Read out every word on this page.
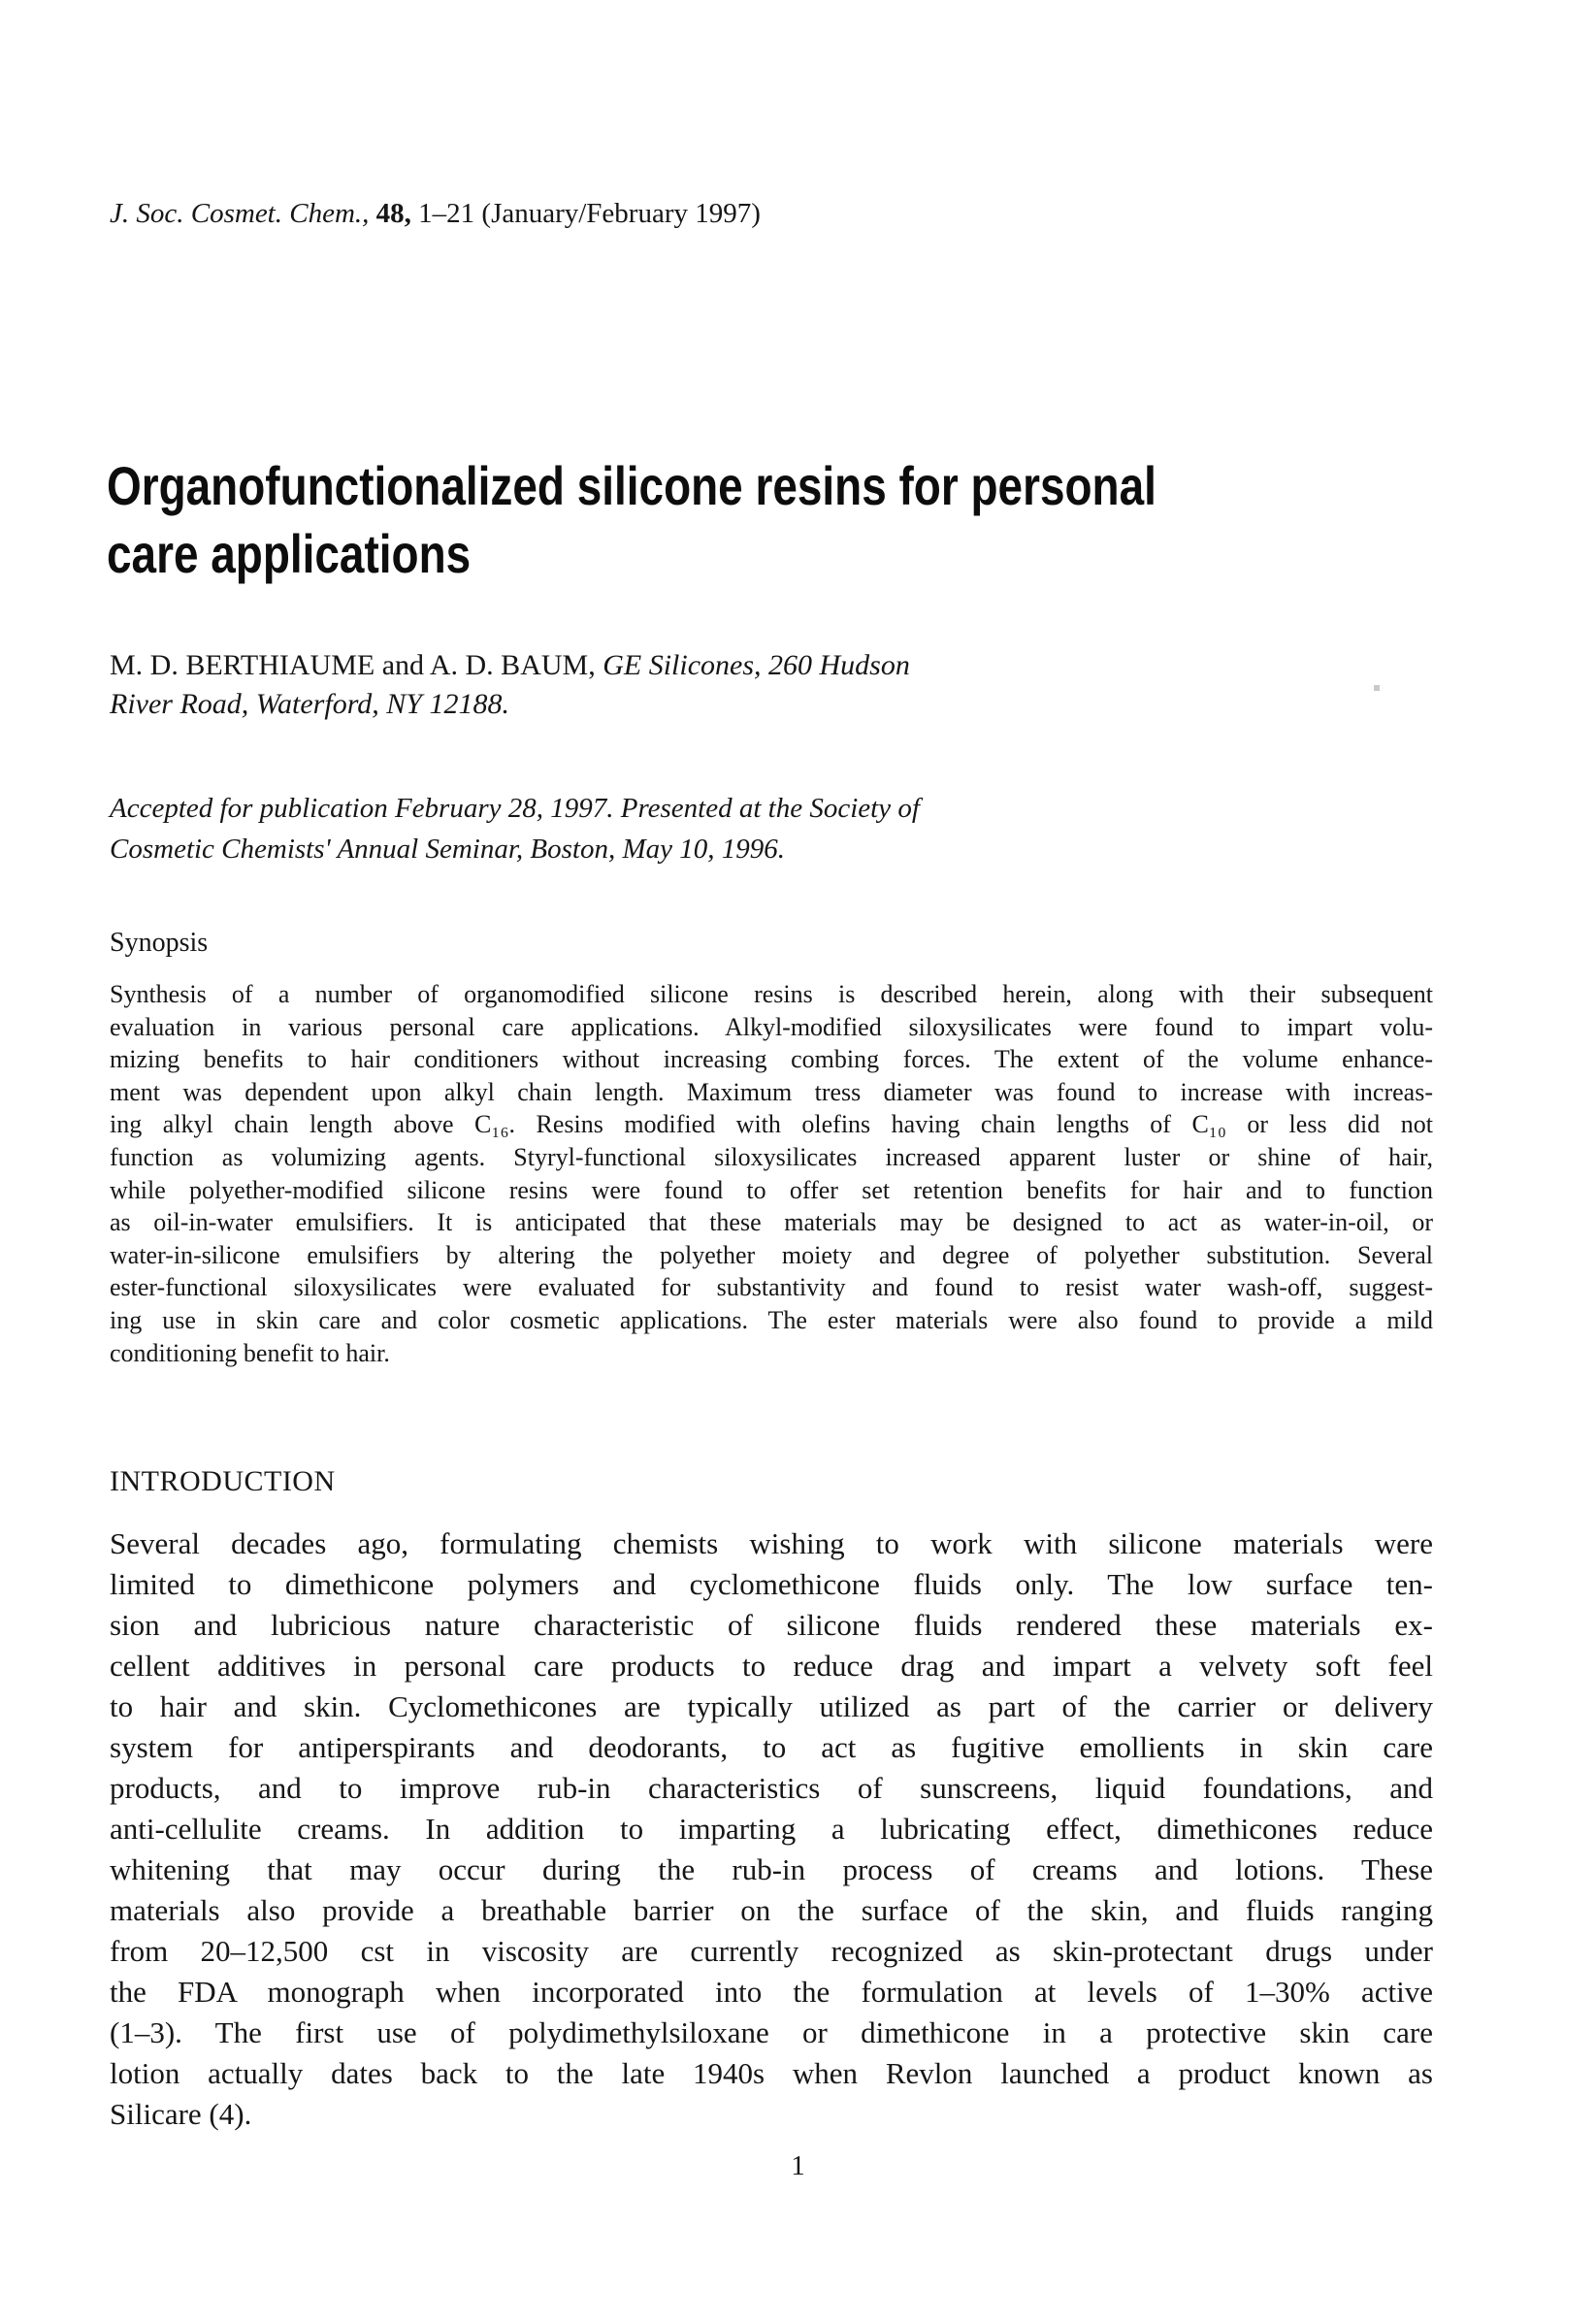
J. Soc. Cosmet. Chem., 48, 1–21 (January/February 1997)
Organofunctionalized silicone resins for personal
care applications
M. D. BERTHIAUME and A. D. BAUM, GE Silicones, 260 Hudson
River Road, Waterford, NY 12188.
Accepted for publication February 28, 1997. Presented at the Society of
Cosmetic Chemists' Annual Seminar, Boston, May 10, 1996.
Synopsis
Synthesis of a number of organomodified silicone resins is described herein, along with their subsequent
evaluation in various personal care applications. Alkyl-modified siloxysilicates were found to impart volu-
mizing benefits to hair conditioners without increasing combing forces. The extent of the volume enhance-
ment was dependent upon alkyl chain length. Maximum tress diameter was found to increase with increas-
ing alkyl chain length above C₁₆. Resins modified with olefins having chain lengths of C₁₀ or less did not
function as volumizing agents. Styryl-functional siloxysilicates increased apparent luster or shine of hair,
while polyether-modified silicone resins were found to offer set retention benefits for hair and to function
as oil-in-water emulsifiers. It is anticipated that these materials may be designed to act as water-in-oil, or
water-in-silicone emulsifiers by altering the polyether moiety and degree of polyether substitution. Several
ester-functional siloxysilicates were evaluated for substantivity and found to resist water wash-off, suggest-
ing use in skin care and color cosmetic applications. The ester materials were also found to provide a mild
conditioning benefit to hair.
INTRODUCTION
Several decades ago, formulating chemists wishing to work with silicone materials were
limited to dimethicone polymers and cyclomethicone fluids only. The low surface ten-
sion and lubricious nature characteristic of silicone fluids rendered these materials ex-
cellent additives in personal care products to reduce drag and impart a velvety soft feel
to hair and skin. Cyclomethicones are typically utilized as part of the carrier or delivery
system for antiperspirants and deodorants, to act as fugitive emollients in skin care
products, and to improve rub-in characteristics of sunscreens, liquid foundations, and
anti-cellulite creams. In addition to imparting a lubricating effect, dimethicones reduce
whitening that may occur during the rub-in process of creams and lotions. These
materials also provide a breathable barrier on the surface of the skin, and fluids ranging
from 20–12,500 cst in viscosity are currently recognized as skin-protectant drugs under
the FDA monograph when incorporated into the formulation at levels of 1–30% active
(1–3). The first use of polydimethylsiloxane or dimethicone in a protective skin care
lotion actually dates back to the late 1940s when Revlon launched a product known as
Silicare (4).
1
